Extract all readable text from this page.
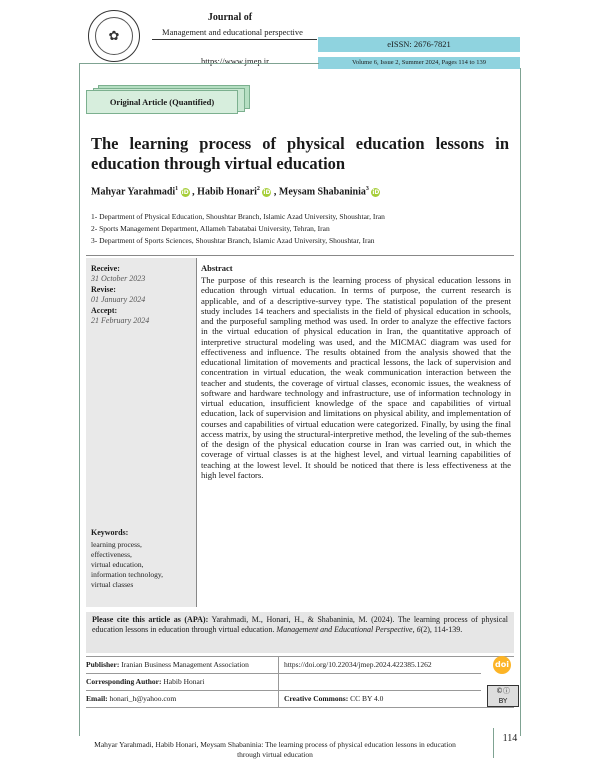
✿
Journal of
Management and educational perspective
https://www.jmep.ir
eISSN: 2676-7821
Volume 6, Issue 2, Summer 2024, Pages 114 to 139
Original Article (Quantified)
The learning process of physical education lessons in education through virtual education
Mahyar Yarahmadi$^1$ iD , Habib Honari$^2$ iD , Meysam Shabaninia$^3$ iD
1- Department of Physical Education, Shoushtar Branch, Islamic Azad University, Shoushtar, Iran
2- Sports Management Department, Allameh Tabatabai University, Tehran, Iran
3- Department of Sports Sciences, Shoushtar Branch, Islamic Azad University, Shoushtar, Iran
Receive:
31 October 2023
Revise:
01 January 2024
Accept:
21 February 2024
Keywords:
learning process,
effectiveness,
virtual education,
information technology,
virtual classes
Abstract
The purpose of this research is the learning process of physical education lessons in education through virtual education. In terms of purpose, the current research is applicable, and of a descriptive-survey type. The statistical population of the present study includes 14 teachers and specialists in the field of physical education in schools, and the purposeful sampling method was used. In order to analyze the effective factors in the virtual education of physical education in Iran, the quantitative approach of interpretive structural modeling was used, and the MICMAC diagram was used for effectiveness and influence. The results obtained from the analysis showed that the educational limitation of movements and practical lessons, the lack of supervision and concentration in virtual education, the weak communication interaction between the teacher and students, the coverage of virtual classes, economic issues, the weakness of software and hardware technology and infrastructure, use of information technology in virtual education, insufficient knowledge of the space and capabilities of virtual education, lack of supervision and limitations on physical ability, and implementation of courses and capabilities of virtual education were categorized. Finally, by using the final access matrix, by using the structural-interpretive method, the leveling of the sub-themes of the design of the physical education course in Iran was carried out, in which the coverage of virtual classes is at the highest level, and virtual learning capabilities of teaching at the lowest level. It should be noticed that there is less effectiveness at the high level factors.
Please cite this article as (APA): Yarahmadi, M., Honari, H., & Shabaninia, M. (2024). The learning process of physical education lessons in education through virtual education. Management and Educational Perspective, 6(2), 114-139.
Publisher: Iranian Business Management Association	https://doi.org/10.22034/jmep.2024.422385.1262
Corresponding Author: Habib Honari
Email: honari_h@yahoo.com	Creative Commons: CC BY 4.0
doi
©ⓘ
BY
Mahyar Yarahmadi, Habib Honari, Meysam Shabaninia: The learning process of physical education lessons in education
through virtual education
114
